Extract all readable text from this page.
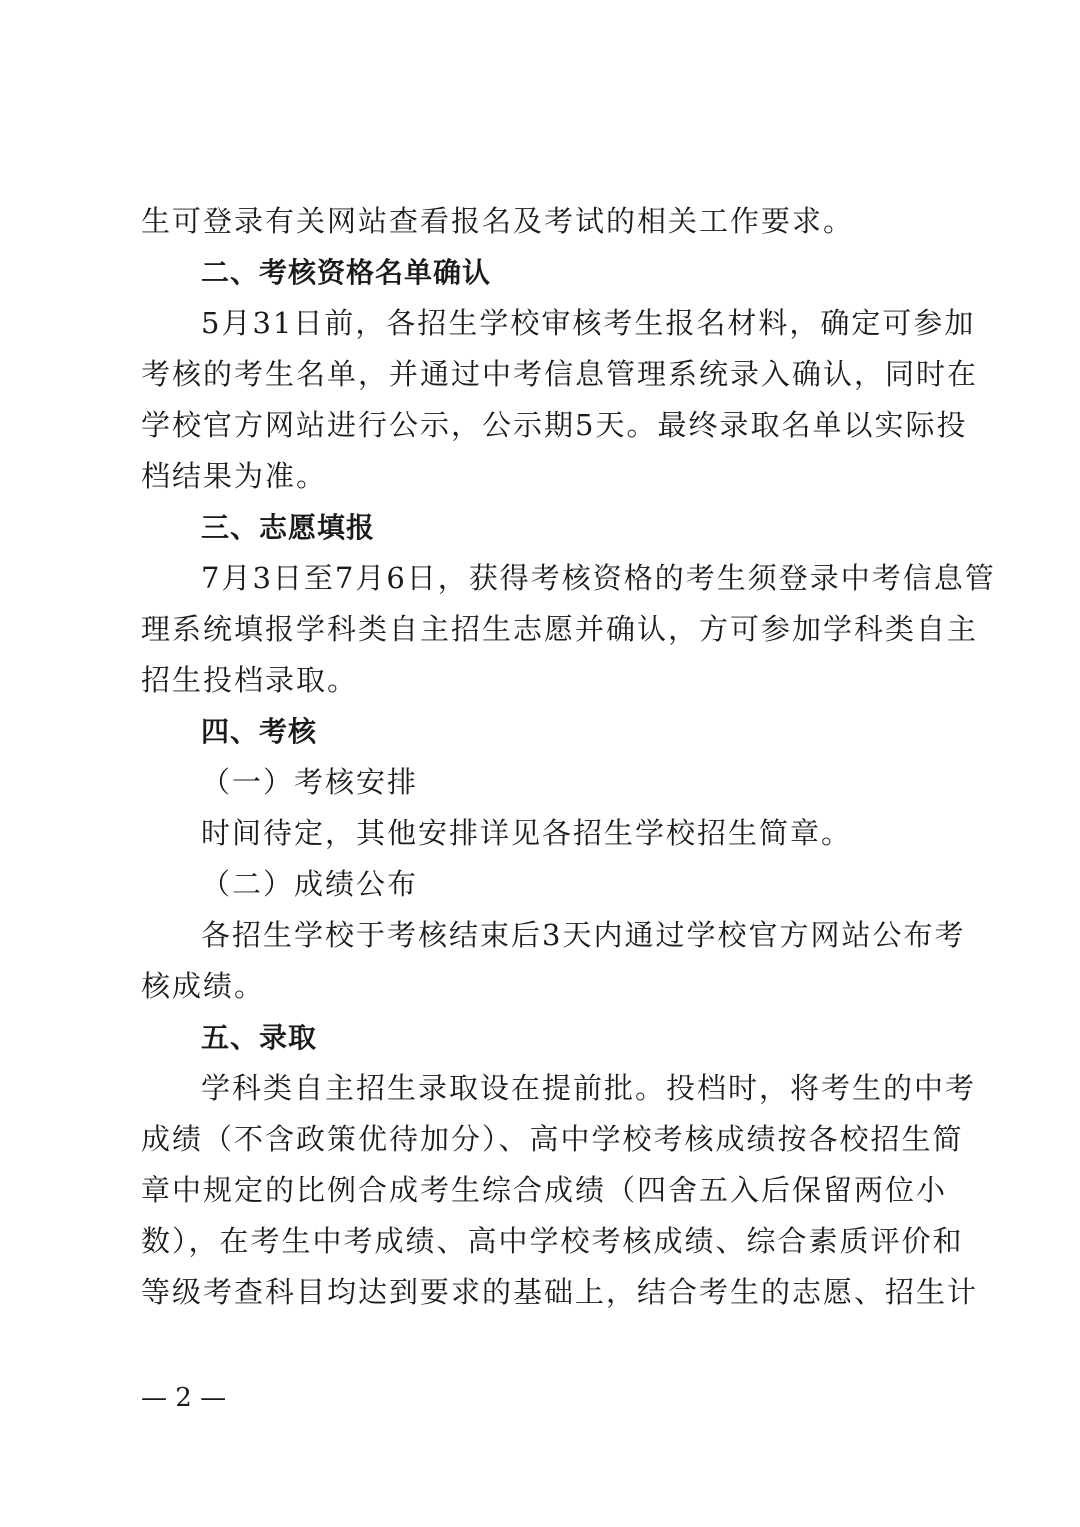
生可登录有关网站查看报名及考试的相关工作要求。
二、考核资格名单确认
5月31日前，各招生学校审核考生报名材料，确定可参加
考核的考生名单，并通过中考信息管理系统录入确认，同时在
学校官方网站进行公示，公示期5天。最终录取名单以实际投
档结果为准。
三、志愿填报
7月3日至7月6日，获得考核资格的考生须登录中考信息管
理系统填报学科类自主招生志愿并确认，方可参加学科类自主
招生投档录取。
四、考核
（一）考核安排
时间待定，其他安排详见各招生学校招生简章。
（二）成绩公布
各招生学校于考核结束后3天内通过学校官方网站公布考
核成绩。
五、录取
学科类自主招生录取设在提前批。投档时，将考生的中考
成绩（不含政策优待加分）、高中学校考核成绩按各校招生简
章中规定的比例合成考生综合成绩（四舍五入后保留两位小
数），在考生中考成绩、高中学校考核成绩、综合素质评价和
等级考查科目均达到要求的基础上，结合考生的志愿、招生计
— 2 —
